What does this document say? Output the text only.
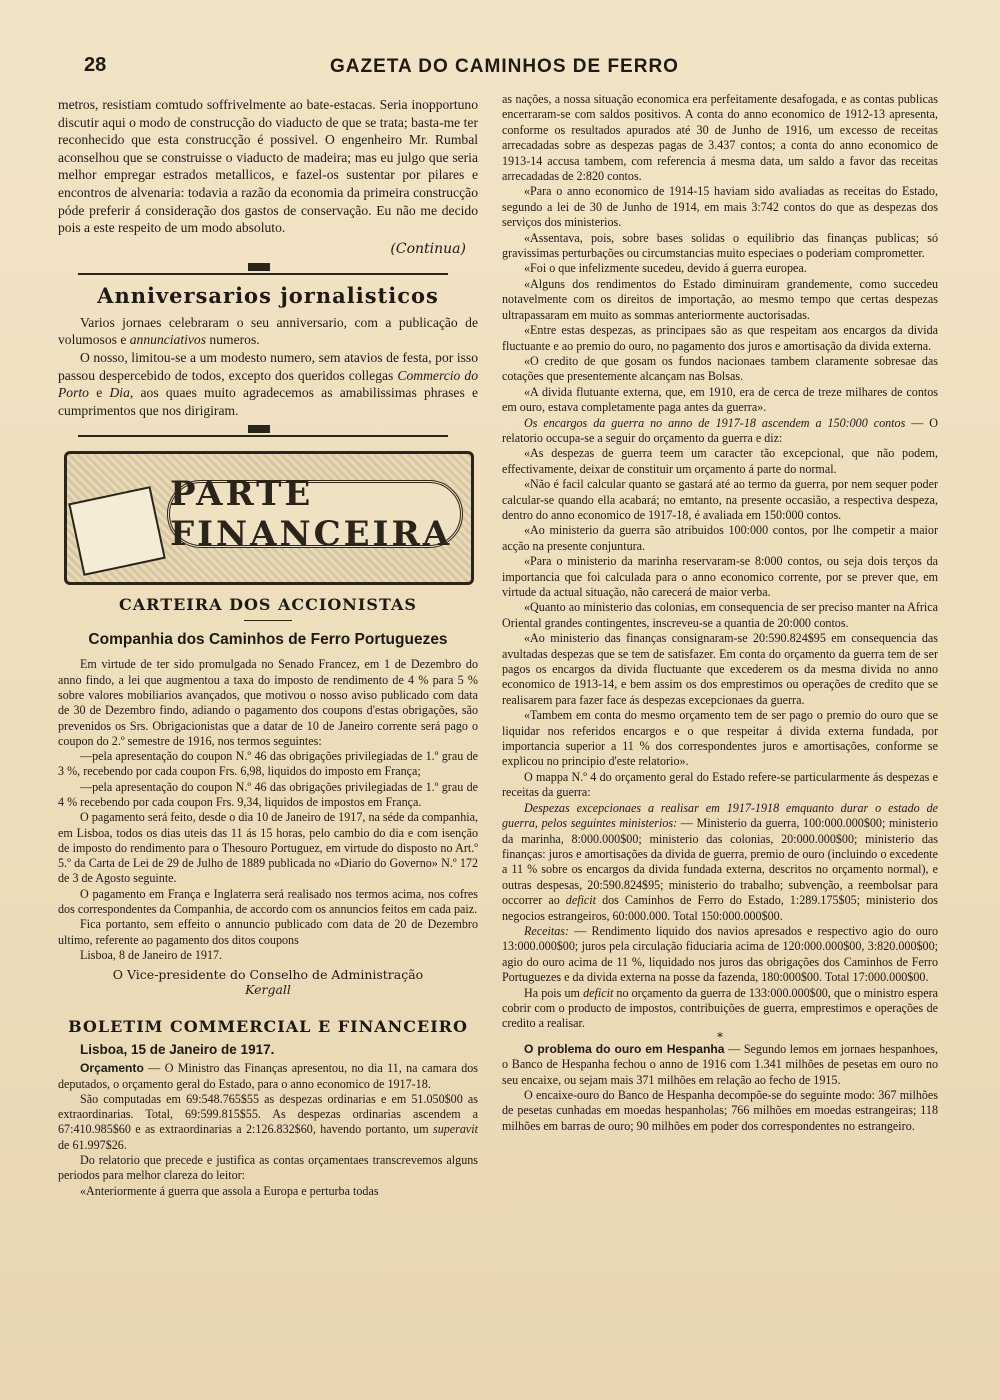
28	GAZETA DO CAMINHOS DE FERRO

metros, resistiam comtudo soffrivelmente ao bate-estacas. Seria inopportuno discutir aqui o modo de construcção do viaducto de que se trata; basta-me ter reconhecido que esta construcção é possivel. O engenheiro Mr. Rumbal aconselhou que se construisse o viaducto de madeira; mas eu julgo que seria melhor empregar estrados metallicos, e fazel-os sustentar por pilares e encontros de alvenaria: todavia a razão da economia da primeira construcção póde preferir á consideração dos gastos de conservação. Eu não me decido pois a este respeito de um modo absoluto.

(Continua)
Anniversarios jornalisticos

Varios jornaes celebraram o seu anniversario, com a publicação de volumosos e annunciativos numeros.

O nosso, limitou-se a um modesto numero, sem atavios de festa, por isso passou despercebido de todos, excepto dos queridos collegas Commercio do Porto e Dia, aos quaes muito agradecemos as amabilissimas phrases e cumprimentos que nos dirigiram.

PARTE FINANCEIRA
CARTEIRA DOS ACCIONISTAS
Companhia dos Caminhos de Ferro Portuguezes

Em virtude de ter sido promulgada no Senado Francez, em 1 de Dezembro do anno findo, a lei que augmentou a taxa do imposto de rendimento de 4 % para 5 % sobre valores mobiliarios avançados, que motivou o nosso aviso publicado com data de 30 de Dezembro findo, adiando o pagamento dos coupons d'estas obrigações, são prevenidos os Srs. Obrigacionistas que a datar de 10 de Janeiro corrente será pago o coupon do 2.º semestre de 1916, nos termos seguintes:

—pela apresentação do coupon N.º 46 das obrigações privilegiadas de 1.º grau de 3 %, recebendo por cada coupon Frs. 6,98, liquidos do imposto em França;

—pela apresentação do coupon N.º 46 das obrigações privilegiadas de 1.º grau de 4 % recebendo por cada coupon Frs. 9,34, liquidos de impostos em França.

O pagamento será feito, desde o dia 10 de Janeiro de 1917, na séde da companhia, em Lisboa, todos os dias uteis das 11 ás 15 horas, pelo cambio do dia e com isenção de imposto do rendimento para o Thesouro Portuguez, em virtude do disposto no Art.º 5.º da Carta de Lei de 29 de Julho de 1889 publicada no «Diario do Governo» N.º 172 de 3 de Agosto seguinte.

O pagamento em França e Inglaterra será realisado nos termos acima, nos cofres dos correspondentes da Companhia, de accordo com os annuncios feitos em cada paiz.

Fica portanto, sem effeito o annuncio publicado com data de 20 de Dezembro ultimo, referente ao pagamento dos ditos coupons

Lisboa, 8 de Janeiro de 1917.

O Vice-presidente do Conselho de Administração
Kergall
BOLETIM COMMERCIAL E FINANCEIRO
Lisboa, 15 de Janeiro de 1917.

Orçamento — O Ministro das Finanças apresentou, no dia 11, na camara dos deputados, o orçamento geral do Estado, para o anno economico de 1917-18.

São computadas em 69:548.765$55 as despezas ordinarias e em 51.050$00 as extraordinarias. Total, 69:599.815$55. As despezas ordinarias ascendem a 67:410.985$60 e as extraordinarias a 2:126.832$60, havendo portanto, um superavit de 61.997$26.

Do relatorio que precede e justifica as contas orçamentaes transcrevemos alguns periodos para melhor clareza do leitor:

«Anteriormente á guerra que assola a Europa e perturba todas

as nações, a nossa situação economica era perfeitamente desafogada, e as contas publicas encerraram-se com saldos positivos. A conta do anno economico de 1912-13 apresenta, conforme os resultados apurados até 30 de Junho de 1916, um excesso de receitas arrecadadas sobre as despezas pagas de 3.437 contos; a conta do anno economico de 1913-14 accusa tambem, com referencia á mesma data, um saldo a favor das receitas arrecadadas de 2:820 contos.

«Para o anno economico de 1914-15 haviam sido avaliadas as receitas do Estado, segundo a lei de 30 de Junho de 1914, em mais 3:742 contos do que as despezas dos serviços dos ministerios.

«Assentava, pois, sobre bases solidas o equilibrio das finanças publicas; só gravissimas perturbações ou circumstancias muito especiaes o poderiam comprometter.

«Foi o que infelizmente sucedeu, devido á guerra europea.

«Alguns dos rendimentos do Estado diminuiram grandemente, como succedeu notavelmente com os direitos de importação, ao mesmo tempo que certas despezas ultrapassaram em muito as sommas anteriormente auctorisadas.

«Entre estas despezas, as principaes são as que respeitam aos encargos da divida fluctuante e ao premio do ouro, no pagamento dos juros e amortisação da divida externa.

«O credito de que gosam os fundos nacionaes tambem claramente sobresae das cotações que presentemente alcançam nas Bolsas.

«A divida flutuante externa, que, em 1910, era de cerca de treze milhares de contos em ouro, estava completamente paga antes da guerra».

Os encargos da guerra no anno de 1917-18 ascendem a 150:000 contos — O relatorio occupa-se a seguir do orçamento da guerra e diz:

«As despezas de guerra teem um caracter tão excepcional, que não podem, effectivamente, deixar de constituir um orçamento á parte do normal.

«Não é facil calcular quanto se gastará até ao termo da guerra, por nem sequer poder calcular-se quando ella acabará; no emtanto, na presente occasião, a respectiva despeza, dentro do anno economico de 1917-18, é avaliada em 150:000 contos.

«Ao ministerio da guerra são atribuidos 100:000 contos, por lhe competir a maior acção na presente conjuntura.

«Para o ministerio da marinha reservaram-se 8:000 contos, ou seja dois terços da importancia que foi calculada para o anno economico corrente, por se prever que, em virtude da actual situação, não carecerá de maior verba.

«Quanto ao ministerio das colonias, em consequencia de ser preciso manter na Africa Oriental grandes contingentes, inscreveu-se a quantia de 20:000 contos.

«Ao ministerio das finanças consignaram-se 20:590.824$95 em consequencia das avultadas despezas que se tem de satisfazer. Em conta do orçamento da guerra tem de ser pagos os encargos da divida fluctuante que excederem os da mesma divida no anno economico de 1913-14, e bem assim os dos emprestimos ou operações de credito que se realisarem para fazer face ás despezas excepcionaes da guerra.

«Tambem em conta do mesmo orçamento tem de ser pago o premio do ouro que se liquidar nos referidos encargos e o que respeitar á divida externa fundada, por importancia superior a 11 % dos correspondentes juros e amortisações, conforme se explicou no principio d'este relatorio».

O mappa N.º 4 do orçamento geral do Estado refere-se particularmente ás despezas e receitas da guerra:

Despezas excepcionaes a realisar em 1917-1918 emquanto durar o estado de guerra, pelos seguintes ministerios: — Ministerio da guerra, 100:000.000$00; ministerio da marinha, 8:000.000$00; ministerio das colonias, 20:000.000$00; ministerio das finanças: juros e amortisações da divida de guerra, premio de ouro (incluindo o excedente a 11 % sobre os encargos da divida fundada externa, descritos no orçamento normal), e outras despesas, 20:590.824$95; ministerio do trabalho; subvenção, a reembolsar para occorrer ao deficit dos Caminhos de Ferro do Estado, 1:289.175$05; ministerio dos negocios estrangeiros, 60:000.000. Total 150:000.000$00.

Receitas: — Rendimento liquido dos navios apresados e respectivo agio do ouro 13:000.000$00; juros pela circulação fiduciaria acima de 120:000.000$00, 3:820.000$00; agio do ouro acima de 11 %, liquidado nos juros das obrigações dos Caminhos de Ferro Portuguezes e da divida externa na posse da fazenda, 180:000$00. Total 17:000.000$00.

Ha pois um deficit no orçamento da guerra de 133:000.000$00, que o ministro espera cobrir com o producto de impostos, contribuições de guerra, emprestimos e operações de credito a realisar.

*

O problema do ouro em Hespanha — Segundo lemos em jornaes hespanhoes, o Banco de Hespanha fechou o anno de 1916 com 1.341 milhões de pesetas em ouro no seu encaixe, ou sejam mais 371 milhões em relação ao fecho de 1915.

O encaixe-ouro do Banco de Hespanha decompõe-se do seguinte modo: 367 milhões de pesetas cunhadas em moedas hespanholas; 766 milhões em moedas estrangeiras; 118 milhões em barras de ouro; 90 milhões em poder dos correspondentes no estrangeiro.
